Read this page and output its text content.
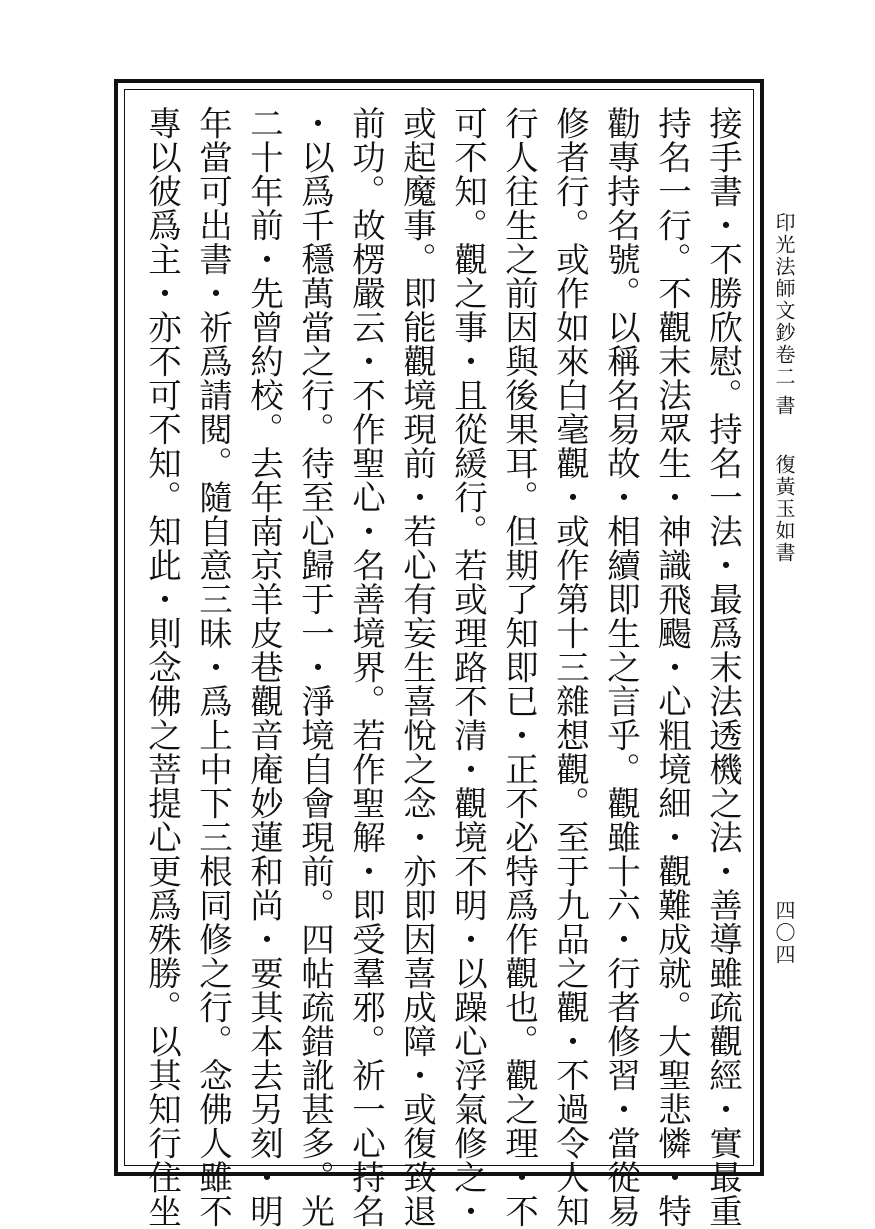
接手書・不勝欣慰。持名一法・最爲末法透機之法・善導雖疏觀經・實最重
持名一行。不觀末法眾生・神識飛颺・心粗境細・觀難成就。大聖悲憐・特
勸專持名號。以稱名易故・相續即生之言乎。觀雖十六・行者修習・當從易
修者行。或作如來白毫觀・或作第十三雜想觀。至于九品之觀・不過令人知
行人往生之前因與後果耳。但期了知即已・正不必特爲作觀也。觀之理・不
可不知。觀之事・且從緩行。若或理路不清・觀境不明・以躁心浮氣修之・
或起魔事。即能觀境現前・若心有妄生喜悅之念・亦即因喜成障・或復致退
前功。故楞嚴云・不作聖心・名善境界。若作聖解・即受羣邪。祈一心持名
・以爲千穩萬當之行。待至心歸于一・淨境自會現前。四帖疏錯訛甚多。光
二十年前・先曾約校。去年南京羊皮巷觀音庵妙蓮和尚・要其本去另刻・明
年當可出書・祈爲請閱。隨自意三昧・爲上中下三根同修之行。念佛人雖不
專以彼爲主・亦不可不知。知此・則念佛之菩提心更爲殊勝。以其知行住坐	印光法師文鈔卷二
書
復黃玉如書
四〇四
